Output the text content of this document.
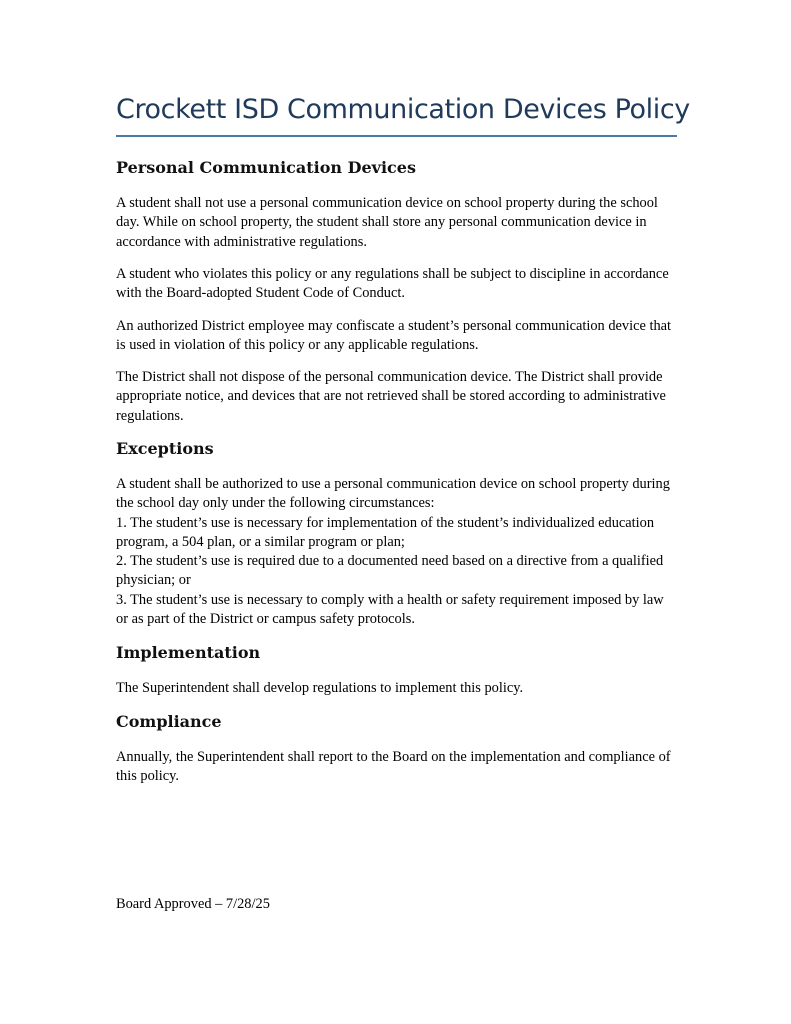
Crockett ISD Communication Devices Policy
Personal Communication Devices

A student shall not use a personal communication device on school property during the school day. While on school property, the student shall store any personal communication device in accordance with administrative regulations.

A student who violates this policy or any regulations shall be subject to discipline in accordance with the Board-adopted Student Code of Conduct.

An authorized District employee may confiscate a student’s personal communication device that is used in violation of this policy or any applicable regulations.

The District shall not dispose of the personal communication device. The District shall provide appropriate notice, and devices that are not retrieved shall be stored according to administrative regulations.

Exceptions
A student shall be authorized to use a personal communication device on school property during the school day only under the following circumstances:
1. The student’s use is necessary for implementation of the student’s individualized education program, a 504 plan, or a similar program or plan;
2. The student’s use is required due to a documented need based on a directive from a qualified physician; or
3. The student’s use is necessary to comply with a health or safety requirement imposed by law or as part of the District or campus safety protocols.
Implementation

The Superintendent shall develop regulations to implement this policy.

Compliance

Annually, the Superintendent shall report to the Board on the implementation and compliance of this policy.

Board Approved – 7/28/25
